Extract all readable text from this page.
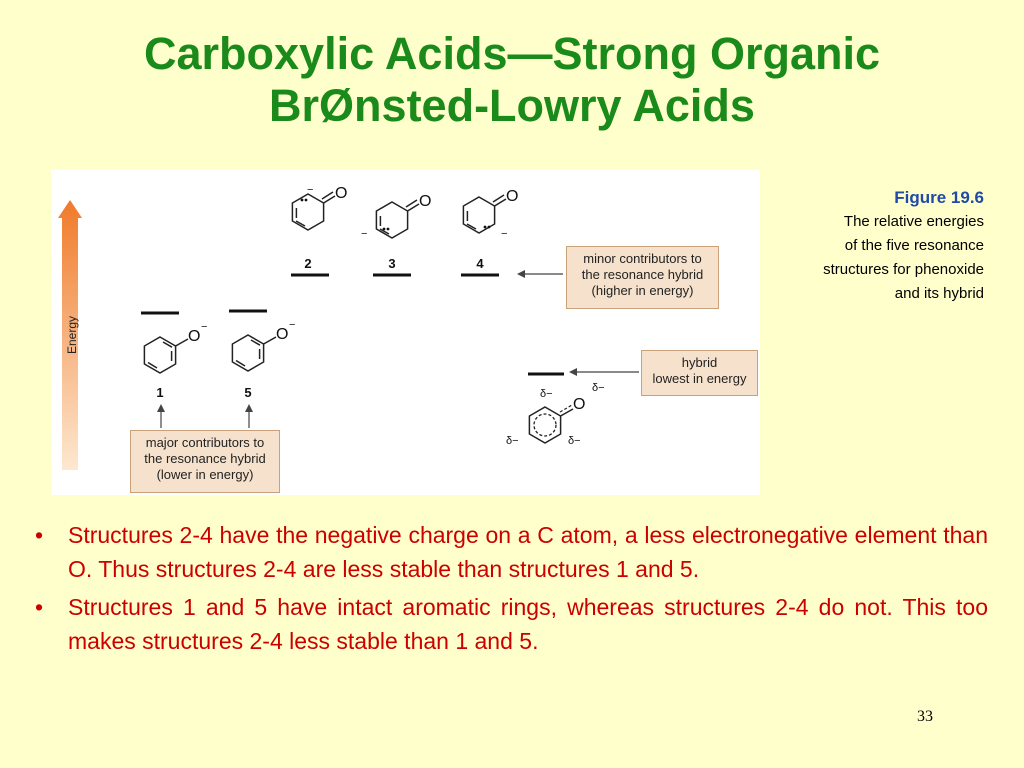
Carboxylic Acids—Strong Organic
BrØnsted-Lowry Acids
O	O	O
O	O
O
−	−
−
−	−
δ−
δ−
δ−	δ−
2	3	4
1	5
Energy
minor contributors to
the resonance hybrid
(higher in energy)
hybrid
lowest in energy
major contributors to
the resonance hybrid
(lower in energy)
Figure 19.6
The relative energies
of the five resonance
structures for phenoxide
and its hybrid
• Structures 2-4 have the negative charge on a C atom, a less electronegative element than O. Thus structures 2-4 are less stable than structures 1 and 5.
• Structures 1 and 5 have intact aromatic rings, whereas structures 2-4 do not. This too makes structures 2-4 less stable than 1 and 5.
33
